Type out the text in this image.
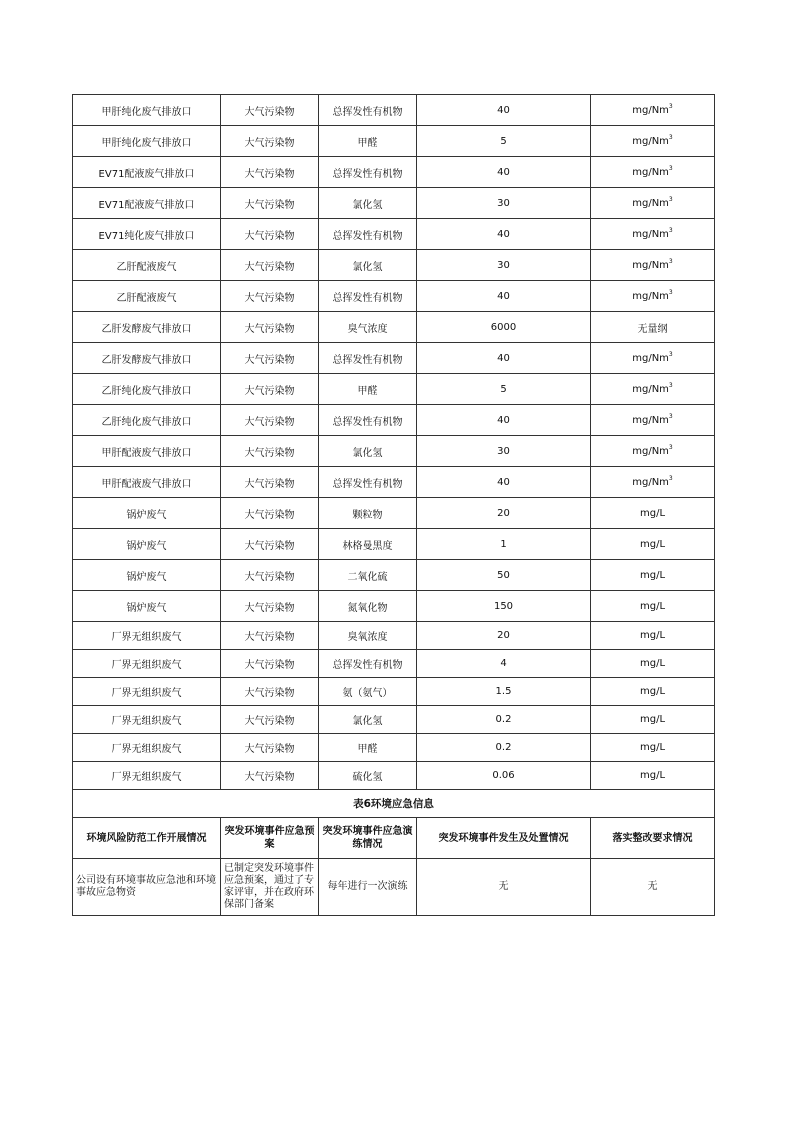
甲肝纯化废气排放口	大气污染物	总挥发性有机物	40	mg/Nm$^3$
甲肝纯化废气排放口	大气污染物	甲醛	5	mg/Nm$^3$
EV71配液废气排放口	大气污染物	总挥发性有机物	40	mg/Nm$^3$
EV71配液废气排放口	大气污染物	氯化氢	30	mg/Nm$^3$
EV71纯化废气排放口	大气污染物	总挥发性有机物	40	mg/Nm$^3$
乙肝配液废气	大气污染物	氯化氢	30	mg/Nm$^3$
乙肝配液废气	大气污染物	总挥发性有机物	40	mg/Nm$^3$
乙肝发酵废气排放口	大气污染物	臭气浓度	6000	无量纲
乙肝发酵废气排放口	大气污染物	总挥发性有机物	40	mg/Nm$^3$
乙肝纯化废气排放口	大气污染物	甲醛	5	mg/Nm$^3$
乙肝纯化废气排放口	大气污染物	总挥发性有机物	40	mg/Nm$^3$
甲肝配液废气排放口	大气污染物	氯化氢	30	mg/Nm$^3$
甲肝配液废气排放口	大气污染物	总挥发性有机物	40	mg/Nm$^3$
锅炉废气	大气污染物	颗粒物	20	mg/L
锅炉废气	大气污染物	林格曼黑度	1	mg/L
锅炉废气	大气污染物	二氧化硫	50	mg/L
锅炉废气	大气污染物	氮氧化物	150	mg/L
厂界无组织废气	大气污染物	臭氧浓度	20	mg/L
厂界无组织废气	大气污染物	总挥发性有机物	4	mg/L
厂界无组织废气	大气污染物	氨（氨气）	1.5	mg/L
厂界无组织废气	大气污染物	氯化氢	0.2	mg/L
厂界无组织废气	大气污染物	甲醛	0.2	mg/L
厂界无组织废气	大气污染物	硫化氢	0.06	mg/L
表6环境应急信息				
环境风险防范工作开展情况	突发环境事件应急预案	突发环境事件应急演练情况	突发环境事件发生及处置情况	落实整改要求情况
公司设有环境事故应急池和环境事故应急物资	已制定突发环境事件应急预案，通过了专家评审，并在政府环保部门备案	每年进行一次演练	无	无
